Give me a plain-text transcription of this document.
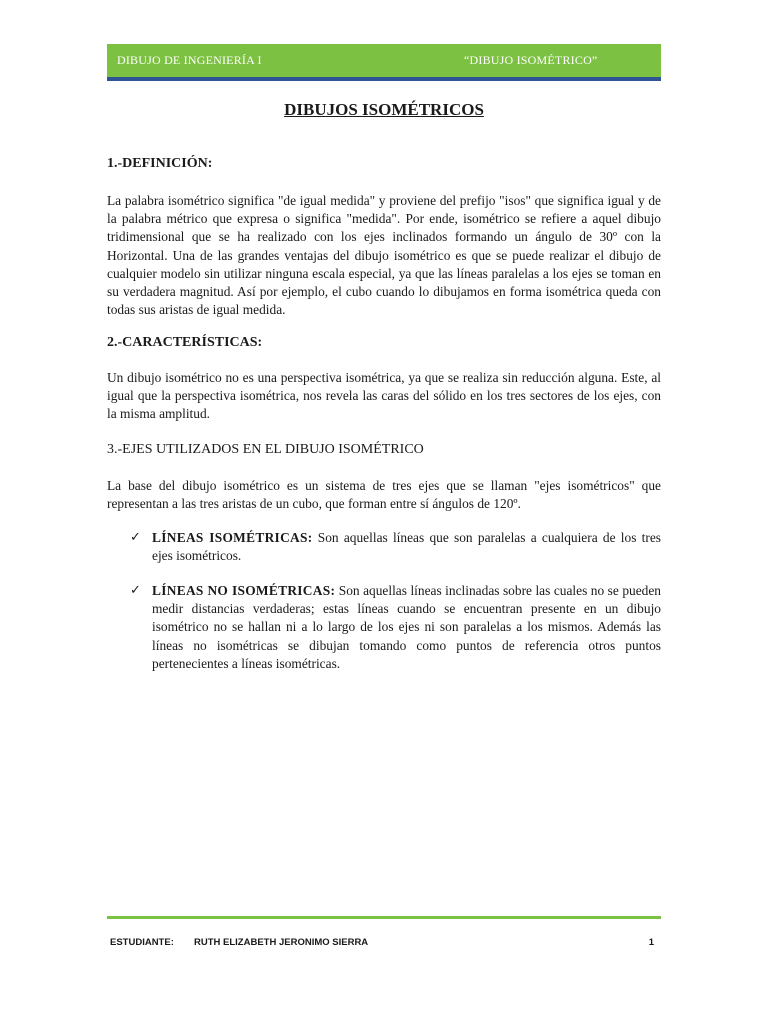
DIBUJO DE INGENIERÍA I	“DIBUJO ISOMÉTRICO”
DIBUJOS ISOMÉTRICOS
1.-DEFINICIÓN:
La palabra isométrico significa "de igual medida" y proviene del prefijo "isos" que significa igual y de la palabra métrico que expresa o significa "medida". Por ende, isométrico se refiere a aquel dibujo tridimensional que se ha realizado con los ejes inclinados formando un ángulo de 30º con la Horizontal. Una de las grandes ventajas del dibujo isométrico es que se puede realizar el dibujo de cualquier modelo sin utilizar ninguna escala especial, ya que las líneas paralelas a los ejes se toman en su verdadera magnitud. Así por ejemplo, el cubo cuando lo dibujamos en forma isométrica queda con todas sus aristas de igual medida.
2.-CARACTERÍSTICAS:
Un dibujo isométrico no es una perspectiva isométrica, ya que se realiza sin reducción alguna. Este, al igual que la perspectiva isométrica, nos revela las caras del sólido en los tres sectores de los ejes, con la misma amplitud.
3.-EJES UTILIZADOS EN EL DIBUJO ISOMÉTRICO
La base del dibujo isométrico es un sistema de tres ejes que se llaman "ejes isométricos" que representan a las tres aristas de un cubo, que forman entre sí ángulos de 120º.
✓ LÍNEAS ISOMÉTRICAS: Son aquellas líneas que son paralelas a cualquiera de los tres ejes isométricos.
✓ LÍNEAS NO ISOMÉTRICAS: Son aquellas líneas inclinadas sobre las cuales no se pueden medir distancias verdaderas; estas líneas cuando se encuentran presente en un dibujo isométrico no se hallan ni a lo largo de los ejes ni son paralelas a los mismos. Además las líneas no isométricas se dibujan tomando como puntos de referencia otros puntos pertenecientes a líneas isométricas.
ESTUDIANTE: RUTH ELIZABETH JERONIMO SIERRA	1
